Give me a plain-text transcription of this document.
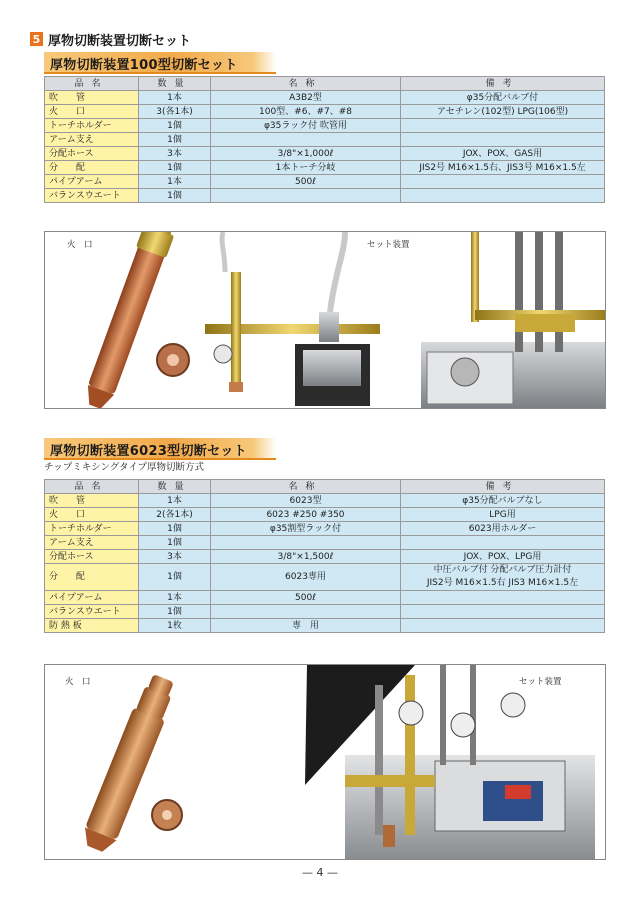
5 厚物切断装置切断セット
厚物切断装置100型切断セット
品名	数量	名称	備考
吹　　管	1本	A3B2型	φ35分配バルブ付
火　　口	3(各1本)	100型、#6、#7、#8	アセチレン(102型) LPG(106型)
トーチホルダー	1個	φ35ラック付 吹管用	
アーム支え	1個		
分配ホース	3本	3/8"×1,000ℓ	JOX、POX、GAS用
分　　配	1個	1本トーチ分岐	JIS2号 M16×1.5右、JIS3号 M16×1.5左
パイプアーム	1本	500ℓ	
バランスウエート	1個		
火　口	セット装置
厚物切断装置6023型切断セット
チップミキシングタイプ厚物切断方式
品名	数量	名称	備考
吹　　管	1本	6023型	φ35分配バルブなし
火　　口	2(各1本)	6023 #250 #350	LPG用
トーチホルダー	1個	φ35割型ラック付	6023用ホルダー
アーム支え	1個		
分配ホース	3本	3/8"×1,500ℓ	JOX、POX、LPG用
分　　配	1個	6023専用	中圧バルブ付 分配バルブ圧力計付
JIS2号 M16×1.5右 JIS3 M16×1.5左

パイプアーム	1本	500ℓ	
バランスウエート	1個		
防 熱 板	1枚	専　用	
火　口	セット装置
— 4 —
